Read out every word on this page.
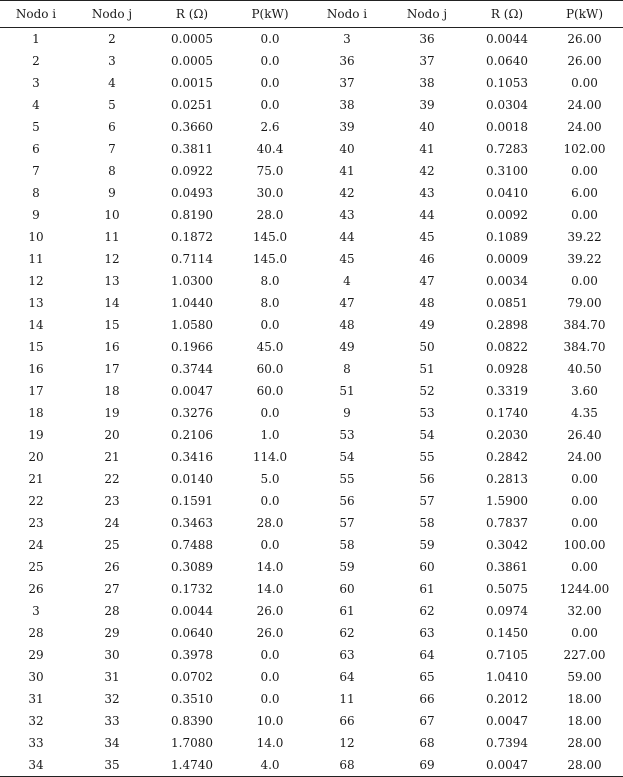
Nodo i	Nodo j	R (Ω)	P(kW)	Nodo i	Nodo j	R (Ω)	P(kW)
1	2	0.0005	0.0	3	36	0.0044	26.00
2	3	0.0005	0.0	36	37	0.0640	26.00
3	4	0.0015	0.0	37	38	0.1053	0.00
4	5	0.0251	0.0	38	39	0.0304	24.00
5	6	0.3660	2.6	39	40	0.0018	24.00
6	7	0.3811	40.4	40	41	0.7283	102.00
7	8	0.0922	75.0	41	42	0.3100	0.00
8	9	0.0493	30.0	42	43	0.0410	6.00
9	10	0.8190	28.0	43	44	0.0092	0.00
10	11	0.1872	145.0	44	45	0.1089	39.22
11	12	0.7114	145.0	45	46	0.0009	39.22
12	13	1.0300	8.0	4	47	0.0034	0.00
13	14	1.0440	8.0	47	48	0.0851	79.00
14	15	1.0580	0.0	48	49	0.2898	384.70
15	16	0.1966	45.0	49	50	0.0822	384.70
16	17	0.3744	60.0	8	51	0.0928	40.50
17	18	0.0047	60.0	51	52	0.3319	3.60
18	19	0.3276	0.0	9	53	0.1740	4.35
19	20	0.2106	1.0	53	54	0.2030	26.40
20	21	0.3416	114.0	54	55	0.2842	24.00
21	22	0.0140	5.0	55	56	0.2813	0.00
22	23	0.1591	0.0	56	57	1.5900	0.00
23	24	0.3463	28.0	57	58	0.7837	0.00
24	25	0.7488	0.0	58	59	0.3042	100.00
25	26	0.3089	14.0	59	60	0.3861	0.00
26	27	0.1732	14.0	60	61	0.5075	1244.00
3	28	0.0044	26.0	61	62	0.0974	32.00
28	29	0.0640	26.0	62	63	0.1450	0.00
29	30	0.3978	0.0	63	64	0.7105	227.00
30	31	0.0702	0.0	64	65	1.0410	59.00
31	32	0.3510	0.0	11	66	0.2012	18.00
32	33	0.8390	10.0	66	67	0.0047	18.00
33	34	1.7080	14.0	12	68	0.7394	28.00
34	35	1.4740	4.0	68	69	0.0047	28.00
